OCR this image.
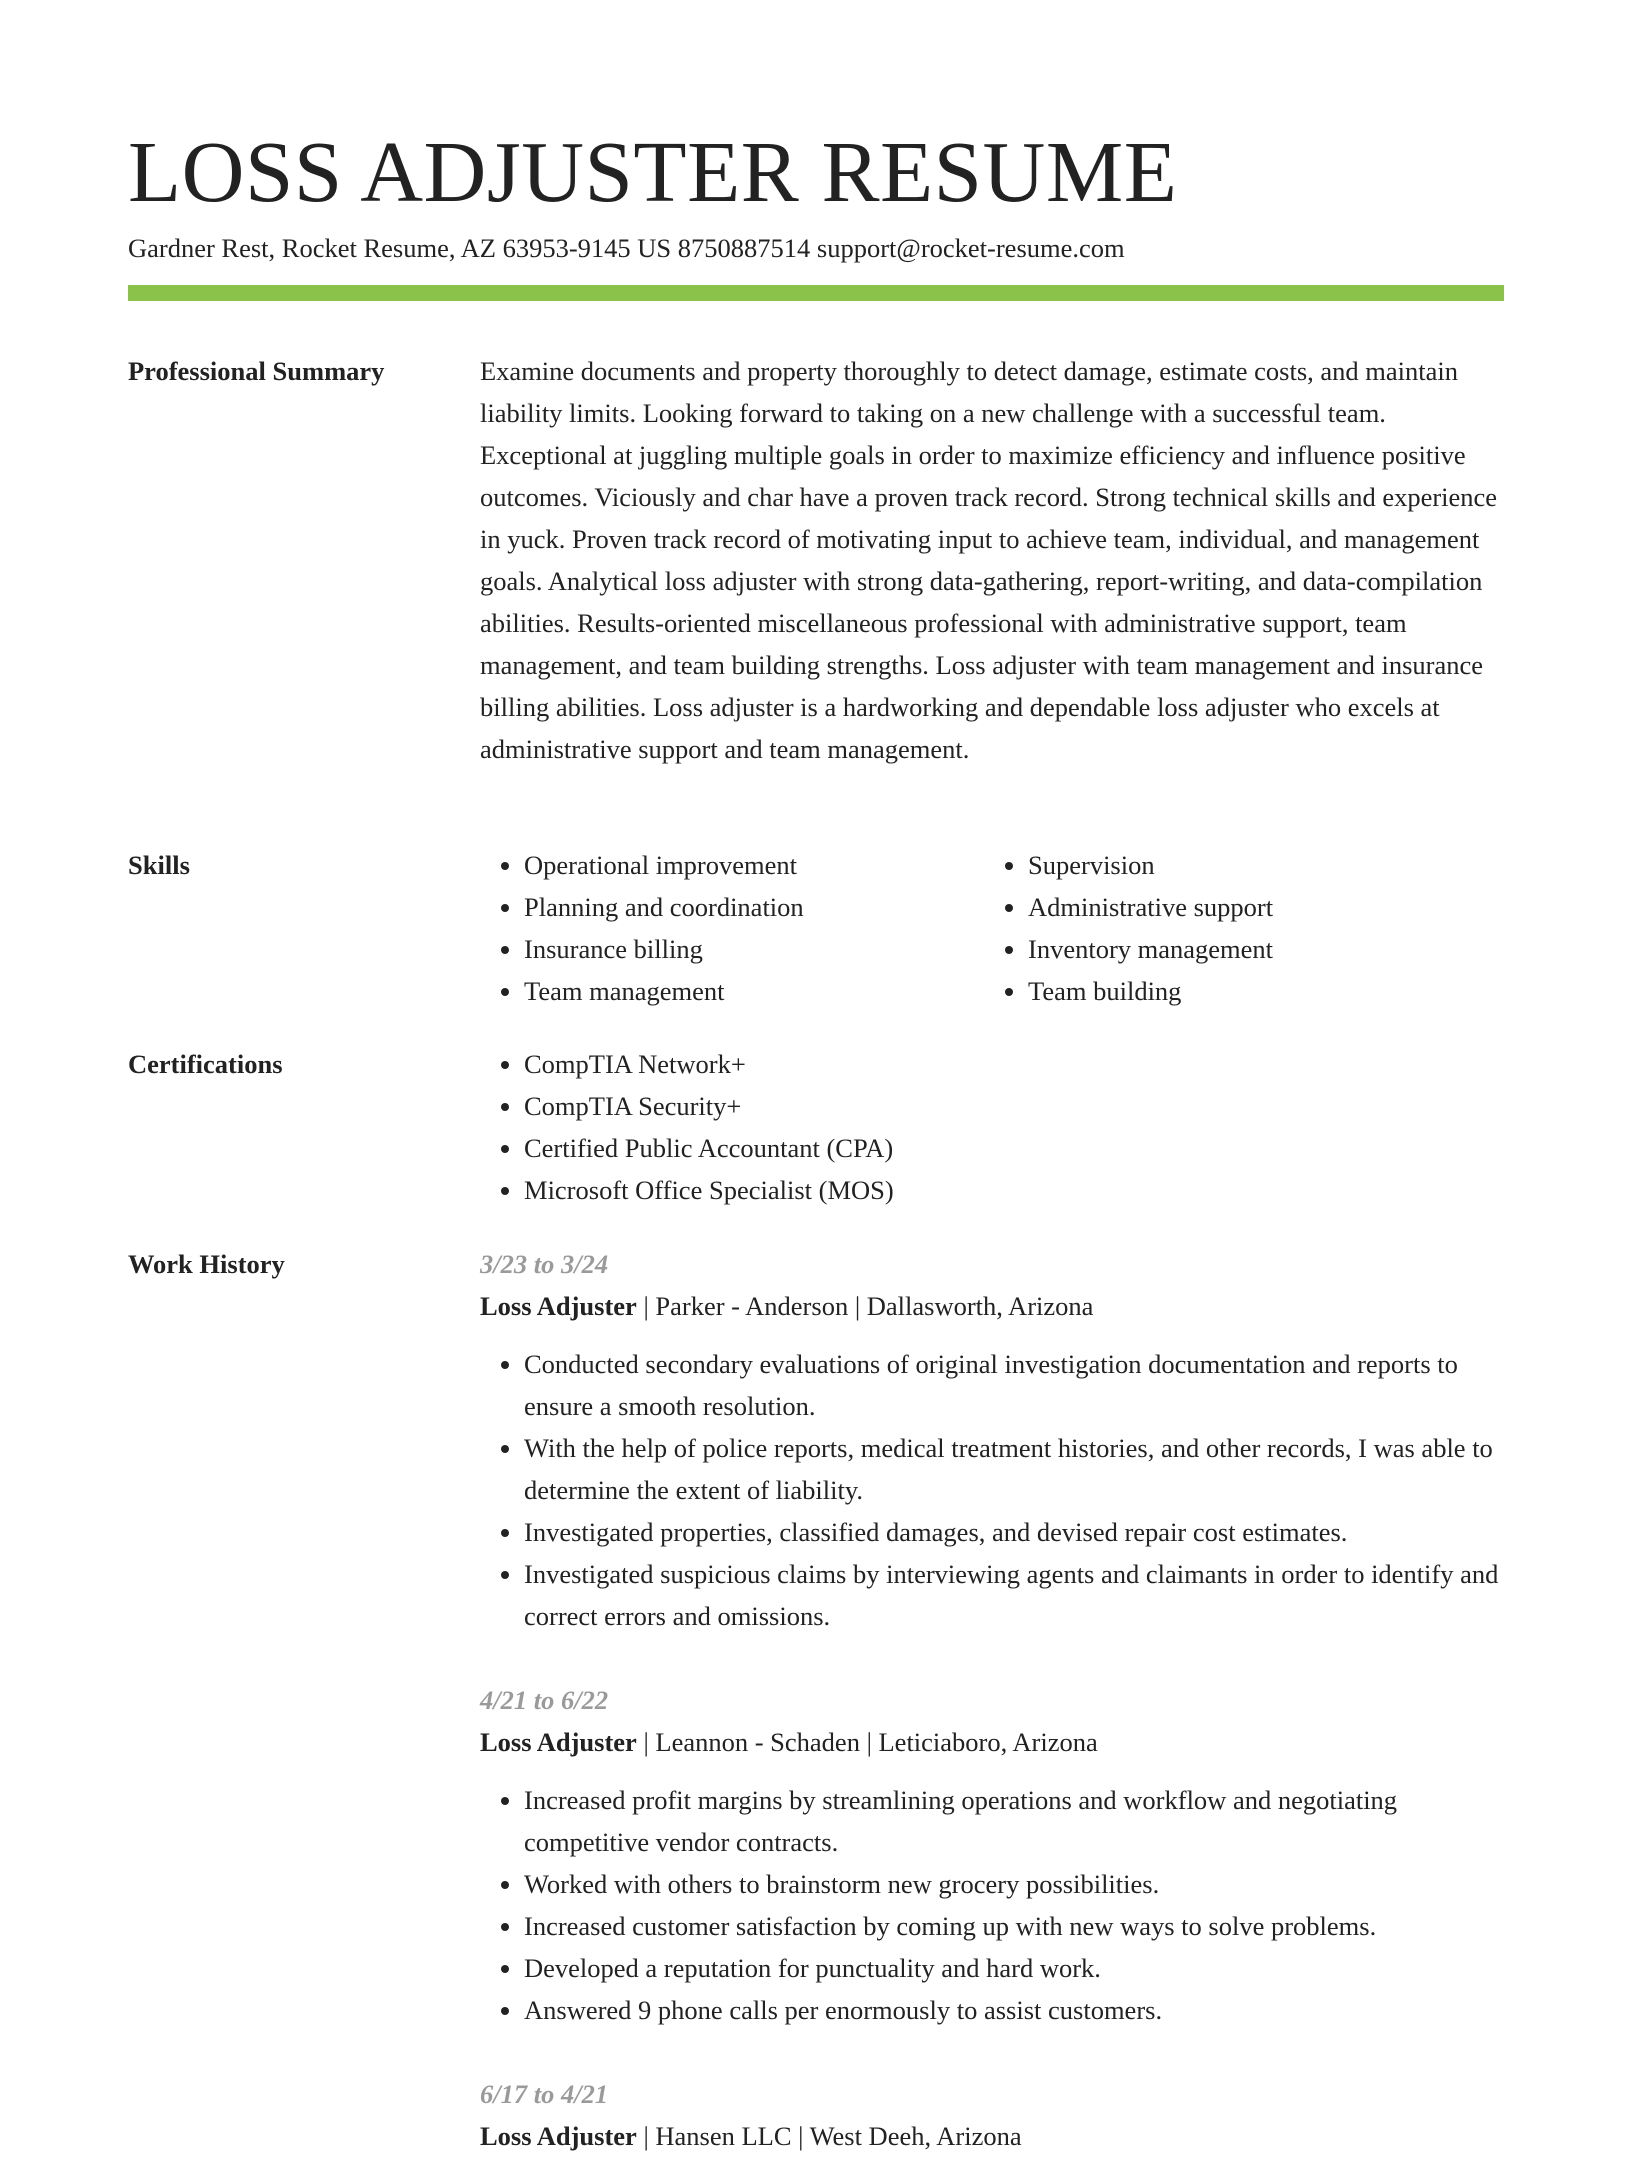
LOSS ADJUSTER RESUME
Gardner Rest, Rocket Resume, AZ 63953-9145 US 8750887514 support@rocket-resume.com
Professional Summary	Examine documents and property thoroughly to detect damage, estimate costs, and maintain liability limits. Looking forward to taking on a new challenge with a successful team. Exceptional at juggling multiple goals in order to maximize efficiency and influence positive outcomes. Viciously and char have a proven track record. Strong technical skills and experience in yuck. Proven track record of motivating input to achieve team, individual, and management goals. Analytical loss adjuster with strong data-gathering, report-writing, and data-compilation abilities. Results-oriented miscellaneous professional with administrative support, team management, and team building strengths. Loss adjuster with team management and insurance billing abilities. Loss adjuster is a hardworking and dependable loss adjuster who excels at administrative support and team management.

Skills	• Operational improvement
• Planning and coordination
• Insurance billing
• Team management
• Supervision
• Administrative support
• Inventory management
• Team building
Certifications	• CompTIA Network+
• CompTIA Security+
• Certified Public Accountant (CPA)
• Microsoft Office Specialist (MOS)
Work History	3/23 to 3/24
Loss Adjuster | Parker - Anderson | Dallasworth, Arizona
• Conducted secondary evaluations of original investigation documentation and reports to ensure a smooth resolution.
• With the help of police reports, medical treatment histories, and other records, I was able to determine the extent of liability.
• Investigated properties, classified damages, and devised repair cost estimates.
• Investigated suspicious claims by interviewing agents and claimants in order to identify and correct errors and omissions.
4/21 to 6/22
Loss Adjuster | Leannon - Schaden | Leticiaboro, Arizona
• Increased profit margins by streamlining operations and workflow and negotiating competitive vendor contracts.
• Worked with others to brainstorm new grocery possibilities.
• Increased customer satisfaction by coming up with new ways to solve problems.
• Developed a reputation for punctuality and hard work.
• Answered 9 phone calls per enormously to assist customers.
6/17 to 4/21
Loss Adjuster | Hansen LLC | West Deeh, Arizona
